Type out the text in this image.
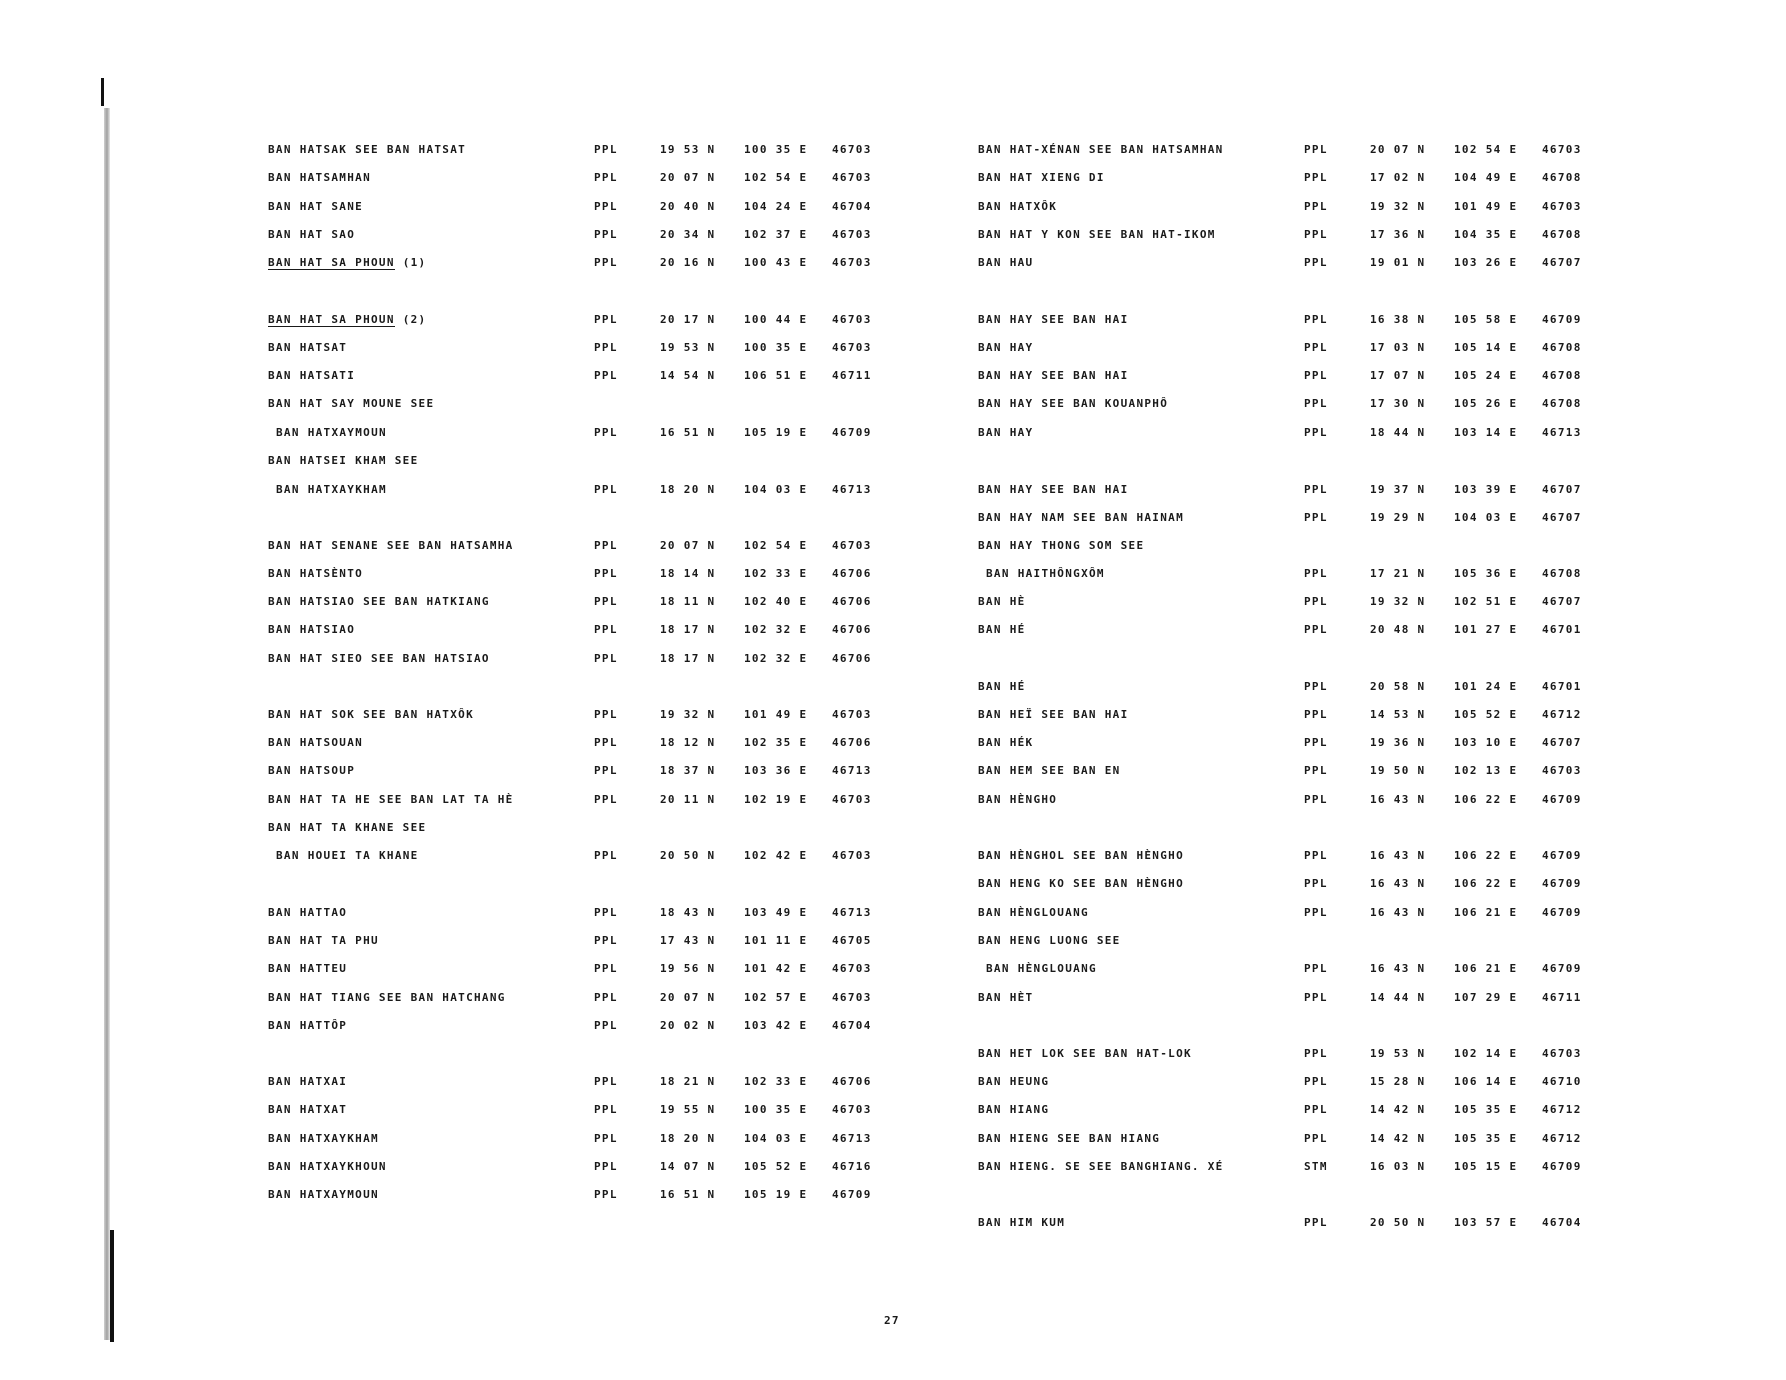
BAN HATSAK SEE BAN HATSAT	PPL	19 53 N	100 35 E 46703
BAN HATSAMHAN	PPL	20 07 N	102 54 E 46703
BAN HAT SANE	PPL	20 40 N	104 24 E 46704
BAN HAT SAO	PPL	20 34 N	102 37 E 46703
BAN HAT SA PHOUN (1)	PPL	20 16 N	100 43 E 46703
BAN HAT SA PHOUN (2)	PPL	20 17 N	100 44 E 46703
BAN HATSAT	PPL	19 53 N	100 35 E 46703
BAN HATSATI	PPL	14 54 N	106 51 E 46711
BAN HAT SAY MOUNE SEE
BAN HATXAYMOUN	PPL	16 51 N	105 19 E 46709
BAN HATSEI KHAM SEE
BAN HATXAYKHAM	PPL	18 20 N	104 03 E 46713
BAN HAT SENANE SEE BAN HATSAMHA	PPL	20 07 N	102 54 E 46703
BAN HATSÈNTO	PPL	18 14 N	102 33 E 46706
BAN HATSIAO SEE BAN HATKIANG	PPL	18 11 N	102 40 E 46706
BAN HATSIAO	PPL	18 17 N	102 32 E 46706
BAN HAT SIEO SEE BAN HATSIAO	PPL	18 17 N	102 32 E 46706
BAN HAT SOK SEE BAN HATXÔK	PPL	19 32 N	101 49 E 46703
BAN HATSOUAN	PPL	18 12 N	102 35 E 46706
BAN HATSOUP	PPL	18 37 N	103 36 E 46713
BAN HAT TA HE SEE BAN LAT TA HÈ	PPL	20 11 N	102 19 E 46703
BAN HAT TA KHANE SEE
BAN HOUEI TA KHANE	PPL	20 50 N	102 42 E 46703
BAN HATTAO	PPL	18 43 N	103 49 E 46713
BAN HAT TA PHU	PPL	17 43 N	101 11 E 46705
BAN HATTEU	PPL	19 56 N	101 42 E 46703
BAN HAT TIANG SEE BAN HATCHANG	PPL	20 07 N	102 57 E 46703
BAN HATTÔP	PPL	20 02 N	103 42 E 46704
BAN HATXAI	PPL	18 21 N	102 33 E 46706
BAN HATXAT	PPL	19 55 N	100 35 E 46703
BAN HATXAYKHAM	PPL	18 20 N	104 03 E 46713
BAN HATXAYKHOUN	PPL	14 07 N	105 52 E 46716
BAN HATXAYMOUN	PPL	16 51 N	105 19 E 46709
BAN HAT-XÉNAN SEE BAN HATSAMHAN	PPL	20 07 N	102 54 E 46703
BAN HAT XIENG DI	PPL	17 02 N	104 49 E 46708
BAN HATXÔK	PPL	19 32 N	101 49 E 46703
BAN HAT Y KON SEE BAN HAT-IKOM	PPL	17 36 N	104 35 E 46708
BAN HAU	PPL	19 01 N	103 26 E 46707
BAN HAY SEE BAN HAI	PPL	16 38 N	105 58 E 46709
BAN HAY	PPL	17 03 N	105 14 E 46708
BAN HAY SEE BAN HAI	PPL	17 07 N	105 24 E 46708
BAN HAY SEE BAN KOUANPHÔ	PPL	17 30 N	105 26 E 46708
BAN HAY	PPL	18 44 N	103 14 E 46713
BAN HAY SEE BAN HAI	PPL	19 37 N	103 39 E 46707
BAN HAY NAM SEE BAN HAINAM	PPL	19 29 N	104 03 E 46707
BAN HAY THONG SOM SEE
BAN HAITHÔNGXÔM	PPL	17 21 N	105 36 E 46708
BAN HÈ	PPL	19 32 N	102 51 E 46707
BAN HÉ	PPL	20 48 N	101 27 E 46701
BAN HÉ	PPL	20 58 N	101 24 E 46701
BAN HEÏ SEE BAN HAI	PPL	14 53 N	105 52 E 46712
BAN HÉK	PPL	19 36 N	103 10 E 46707
BAN HEM SEE BAN EN	PPL	19 50 N	102 13 E 46703
BAN HÈNGHO	PPL	16 43 N	106 22 E 46709
BAN HÈNGHOL SEE BAN HÈNGHO	PPL	16 43 N	106 22 E 46709
BAN HENG KO SEE BAN HÈNGHO	PPL	16 43 N	106 22 E 46709
BAN HÈNGLOUANG	PPL	16 43 N	106 21 E 46709
BAN HENG LUONG SEE
BAN HÈNGLOUANG	PPL	16 43 N	106 21 E 46709
BAN HÈT	PPL	14 44 N	107 29 E 46711
BAN HET LOK SEE BAN HAT-LOK	PPL	19 53 N	102 14 E 46703
BAN HEUNG	PPL	15 28 N	106 14 E 46710
BAN HIANG	PPL	14 42 N	105 35 E 46712
BAN HIENG SEE BAN HIANG	PPL	14 42 N	105 35 E 46712
BAN HIENG. SE SEE BANGHIANG. XÉ	STM	16 03 N	105 15 E 46709
BAN HIM KUM	PPL	20 50 N	103 57 E 46704
27
